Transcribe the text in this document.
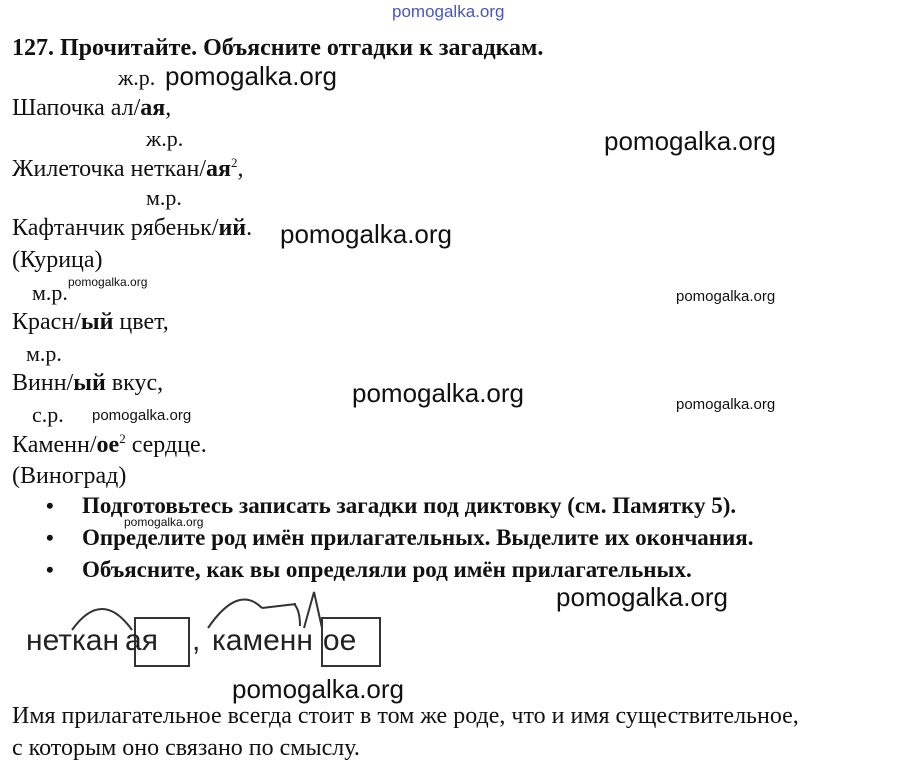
pomogalka.org
127. Прочитайте. Объясните отгадки к загадкам.
ж.р.
Шапочка ал/ая,
ж.р.
Жилеточка неткан/$ая^2$,
м.р.
Кафтанчик рябеньк/ий.
(Курица)
м.р.
Красн/ый цвет,
м.р.
Винн/ый вкус,
с.р.
Каменн/$ое^2$ сердце.
(Виноград)
• Подготовьтесь записать загадки под диктовку (см. Памятку 5).
• Определите род имён прилагательных. Выделите их окончания.
• Объясните, как вы определяли род имён прилагательных.
неткан ая , каменн ое
Имя прилагательное всегда стоит в том же роде, что и имя существительное,
с которым оно связано по смыслу.
pomogalka.org
pomogalka.org
pomogalka.org
pomogalka.org
pomogalka.org
pomogalka.org	pomogalka.org
pomogalka.org
pomogalka.org
pomogalka.org
pomogalka.org
